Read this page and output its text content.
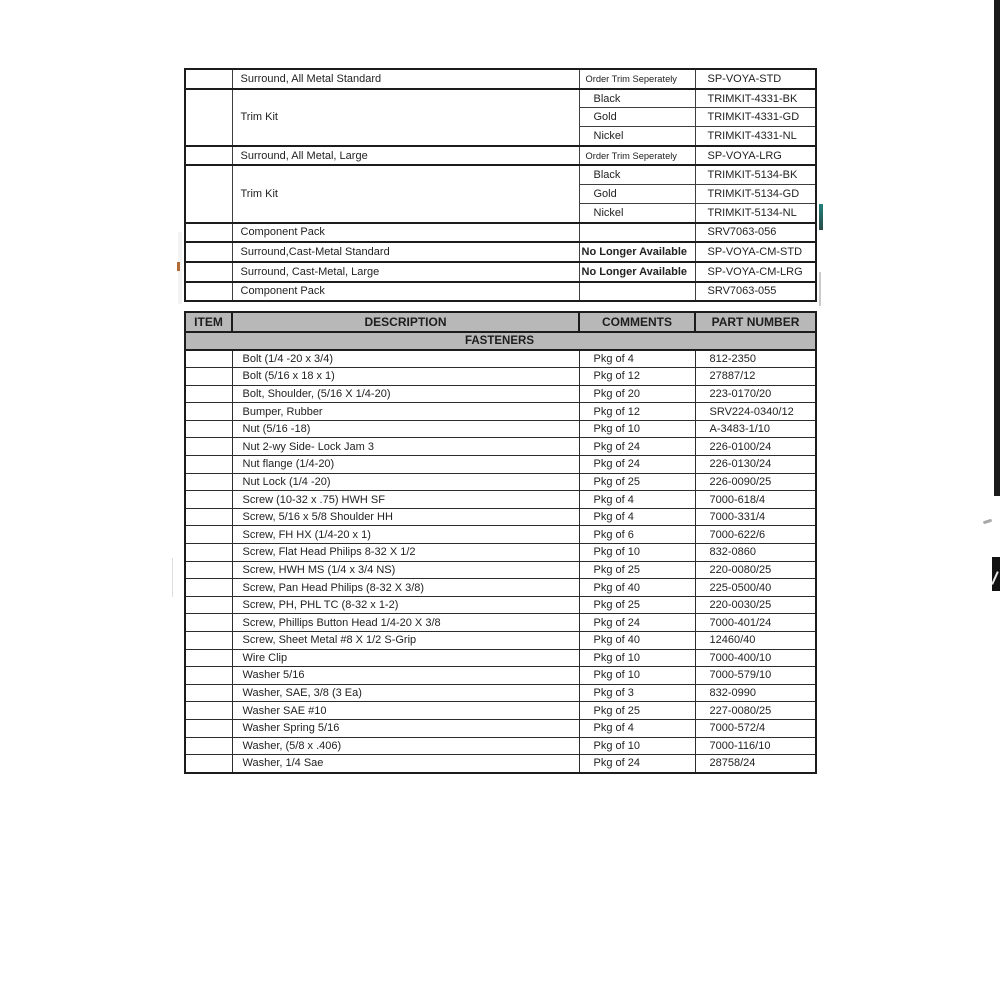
	Surround, All Metal Standard	Order Trim Seperately	SP-VOYA-STD
	Trim Kit	Black	TRIMKIT-4331-BK
		Gold	TRIMKIT-4331-GD
		Nickel	TRIMKIT-4331-NL
	Surround, All Metal, Large	Order Trim Seperately	SP-VOYA-LRG
	Trim Kit	Black	TRIMKIT-5134-BK
		Gold	TRIMKIT-5134-GD
		Nickel	TRIMKIT-5134-NL
	Component Pack		SRV7063-056
	Surround,Cast-Metal Standard	No Longer Available	SP-VOYA-CM-STD
	Surround, Cast-Metal, Large	No Longer Available	SP-VOYA-CM-LRG
	Component Pack		SRV7063-055
ITEM	DESCRIPTION	COMMENTS	PART NUMBER
FASTENERS			
	Bolt (1/4 -20 x 3/4)	Pkg of 4	812-2350
	Bolt (5/16 x 18 x 1)	Pkg of 12	27887/12
	Bolt, Shoulder, (5/16 X 1/4-20)	Pkg of 20	223-0170/20
	Bumper, Rubber	Pkg of 12	SRV224-0340/12
	Nut (5/16 -18)	Pkg of 10	A-3483-1/10
	Nut 2-wy Side- Lock Jam 3	Pkg of 24	226-0100/24
	Nut flange (1/4-20)	Pkg of 24	226-0130/24
	Nut Lock (1/4 -20)	Pkg of 25	226-0090/25
	Screw (10-32 x .75) HWH SF	Pkg of 4	7000-618/4
	Screw, 5/16 x 5/8 Shoulder HH	Pkg of 4	7000-331/4
	Screw, FH HX (1/4-20 x 1)	Pkg of 6	7000-622/6
	Screw, Flat Head Philips 8-32 X 1/2	Pkg of 10	832-0860
	Screw, HWH MS (1/4 x 3/4 NS)	Pkg of 25	220-0080/25
	Screw, Pan Head Philips (8-32 X 3/8)	Pkg of 40	225-0500/40
	Screw, PH, PHL TC (8-32 x 1-2)	Pkg of 25	220-0030/25
	Screw, Phillips Button Head 1/4-20 X 3/8	Pkg of 24	7000-401/24
	Screw, Sheet Metal #8 X 1/2 S-Grip	Pkg of 40	12460/40
	Wire Clip	Pkg of 10	7000-400/10
	Washer 5/16	Pkg of 10	7000-579/10
	Washer, SAE, 3/8 (3 Ea)	Pkg of 3	832-0990
	Washer SAE #10	Pkg of 25	227-0080/25
	Washer Spring 5/16	Pkg of 4	7000-572/4
	Washer, (5/8 x .406)	Pkg of 10	7000-116/10
	Washer, 1/4 Sae	Pkg of 24	28758/24
